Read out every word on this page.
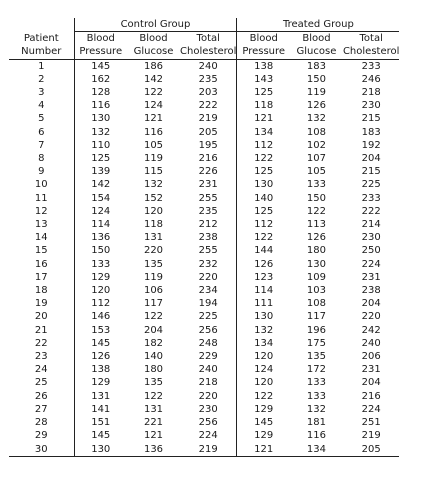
	Control Group			Treated Group		

Patient	Blood	Blood	Total	Blood	Blood	Total
Number	Pressure	Glucose	Cholesterol	Pressure	Glucose	Cholesterol
1	145	186	240	138	183	233
2	162	142	235	143	150	246
3	128	122	203	125	119	218
4	116	124	222	118	126	230
5	130	121	219	121	132	215
6	132	116	205	134	108	183
7	110	105	195	112	102	192
8	125	119	216	122	107	204
9	139	115	226	125	105	215
10	142	132	231	130	133	225
11	154	152	255	140	150	233
12	124	120	235	125	122	222
13	114	118	212	112	113	214
14	136	131	238	122	126	230
15	150	220	255	144	180	250
16	133	135	232	126	130	224
17	129	119	220	123	109	231
18	120	106	234	114	103	238
19	112	117	194	111	108	204
20	146	122	225	130	117	220
21	153	204	256	132	196	242
22	145	182	248	134	175	240
23	126	140	229	120	135	206
24	138	180	240	124	172	231
25	129	135	218	120	133	204
26	131	122	220	122	133	216
27	141	131	230	129	132	224
28	151	221	256	145	181	251
29	145	121	224	129	116	219
30	130	136	219	121	134	205
